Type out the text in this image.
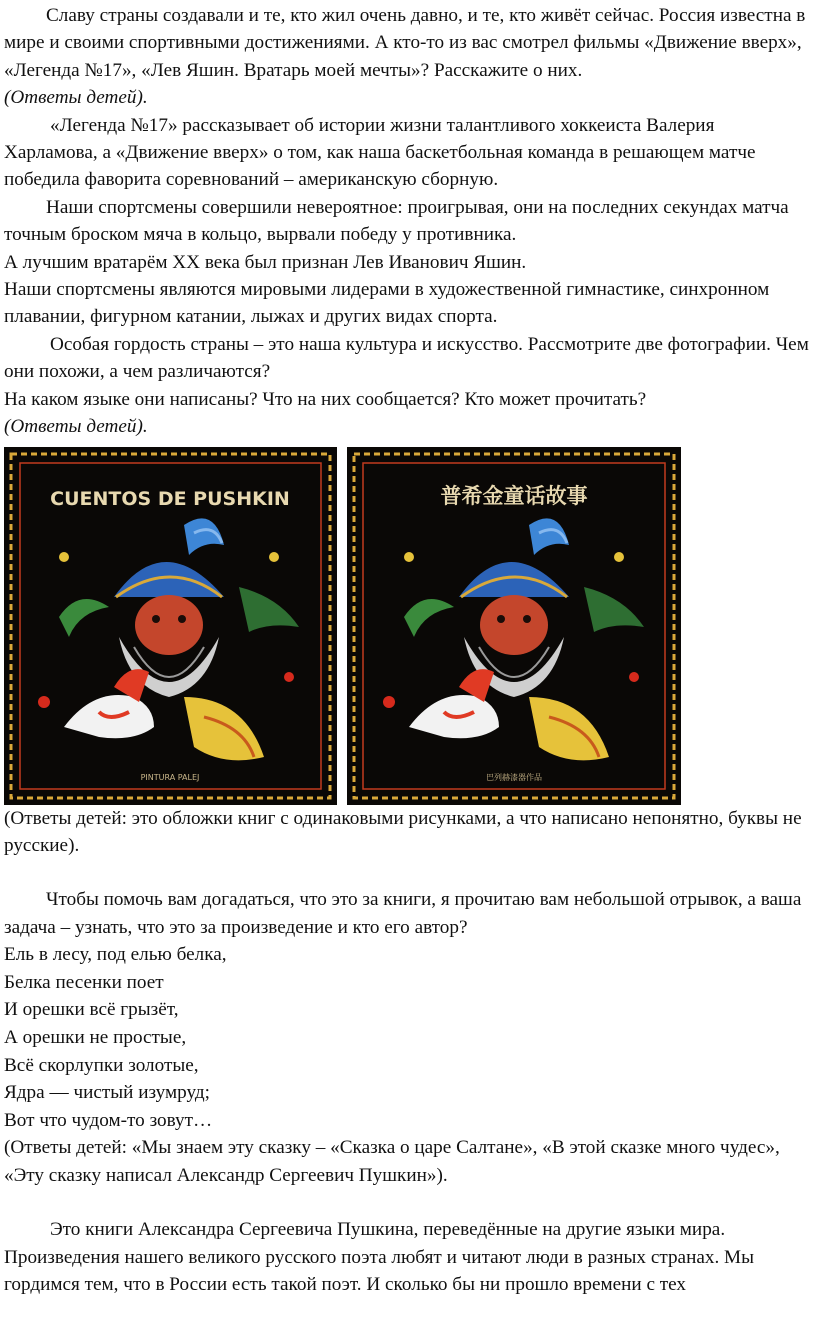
Славу страны создавали и те, кто жил очень давно, и те, кто живёт сейчас. Россия известна в мире и своими спортивными достижениями. А кто-то из вас смотрел фильмы «Движение вверх», «Легенда №17», «Лев Яшин. Вратарь моей мечты»? Расскажите о них.

(Ответы детей).

«Легенда №17» рассказывает об истории жизни талантливого хоккеиста Валерия Харламова, а «Движение вверх» о том, как наша баскетбольная команда в решающем матче победила фаворита соревнований – американскую сборную.

Наши спортсмены совершили невероятное: проигрывая, они на последних секундах матча точным броском мяча в кольцо, вырвали победу у противника.

А лучшим вратарём XX века был признан Лев Иванович Яшин.

Наши спортсмены являются мировыми лидерами в художественной гимнастике, синхронном плавании, фигурном катании, лыжах и других видах спорта.

Особая гордость страны – это наша культура и искусство. Рассмотрите две фотографии. Чем они похожи, а чем различаются?

На каком языке они написаны? Что на них сообщается? Кто может прочитать?

(Ответы детей).

CUENTOS DE PUSHKIN
PINTURA PALEJ
普希金童话故事
巴列赫漆器作品

(Ответы детей: это обложки книг с одинаковыми рисунками, а что написано непонятно, буквы не русские).

Чтобы помочь вам догадаться, что это за книги, я прочитаю вам небольшой отрывок, а ваша задача – узнать, что это за произведение и кто его автор?

Ель в лесу, под елью белка,

Белка песенки поет

И орешки всё грызёт,

А орешки не простые,

Всё скорлупки золотые,

Ядра — чистый изумруд;

Вот что чудом-то зовут…

(Ответы детей: «Мы знаем эту сказку – «Сказка о царе Салтане», «В этой сказке много чудес», «Эту сказку написал Александр Сергеевич Пушкин»).

Это книги Александра Сергеевича Пушкина, переведённые на другие языки мира. Произведения нашего великого русского поэта любят и читают люди в разных странах. Мы гордимся тем, что в России есть такой поэт. И сколько бы ни прошло времени с тех
